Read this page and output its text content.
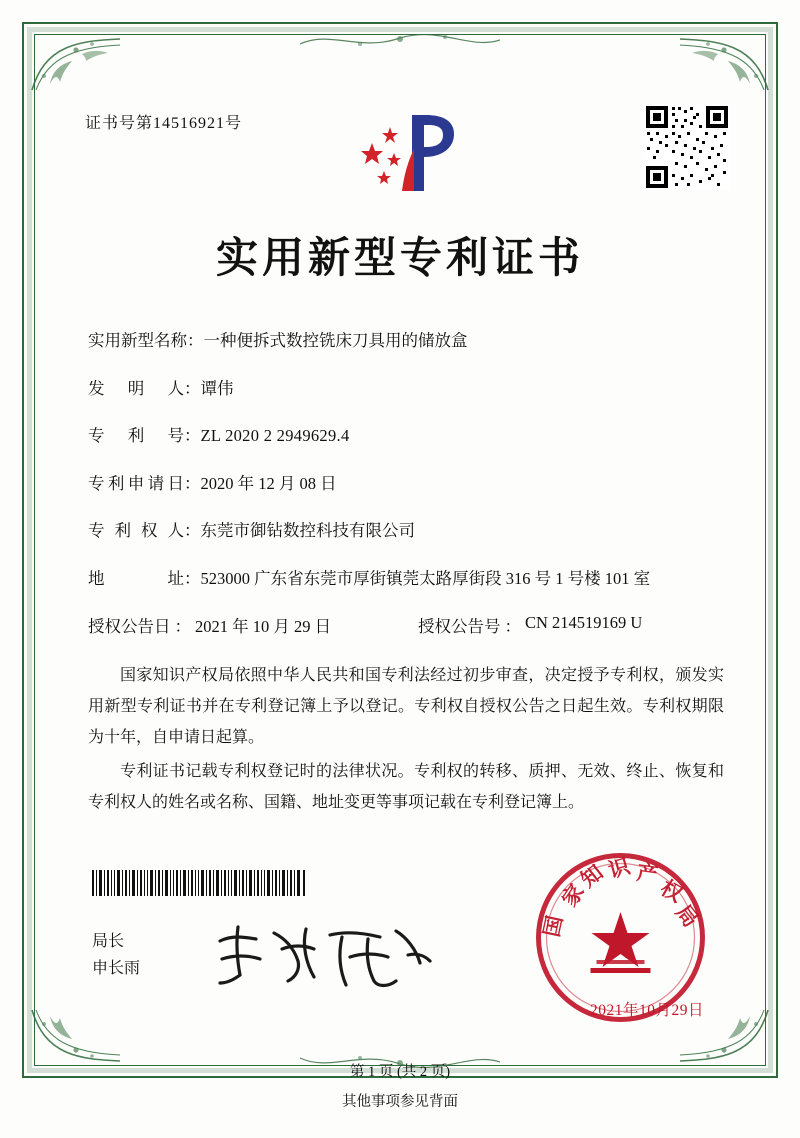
证书号第14516921号
实用新型专利证书
实 用 新 型 名 称 ： 一种便拆式数控铣床刀具用的储放盒
发 明 人 ： 谭伟
专 利 号 ： ZL 2020 2 2949629.4
专 利 申 请 日 ： 2020 年 12 月 08 日
专 利 权 人 ： 东莞市御钻数控科技有限公司
地	址 ： 523000 广东省东莞市厚街镇莞太路厚街段 316 号 1 号楼 101 室
授权公告日 ： 2021 年 10 月 29 日	授权公告号 ： CN 214519169 U

国家知识产权局依照中华人民共和国专利法经过初步审查，决定授予专利权，颁发实用新型专利证书并在专利登记簿上予以登记。专利权自授权公告之日起生效。专利权期限为十年，自申请日起算。

专利证书记载专利权登记时的法律状况。专利权的转移、质押、无效、终止、恢复和专利权人的姓名或名称、国籍、地址变更等事项记载在专利登记簿上。

局长
申长雨
家
知
识 产
权
局
国
2021年10月29日
第 1 页 (共 2 页)
其他事项参见背面
